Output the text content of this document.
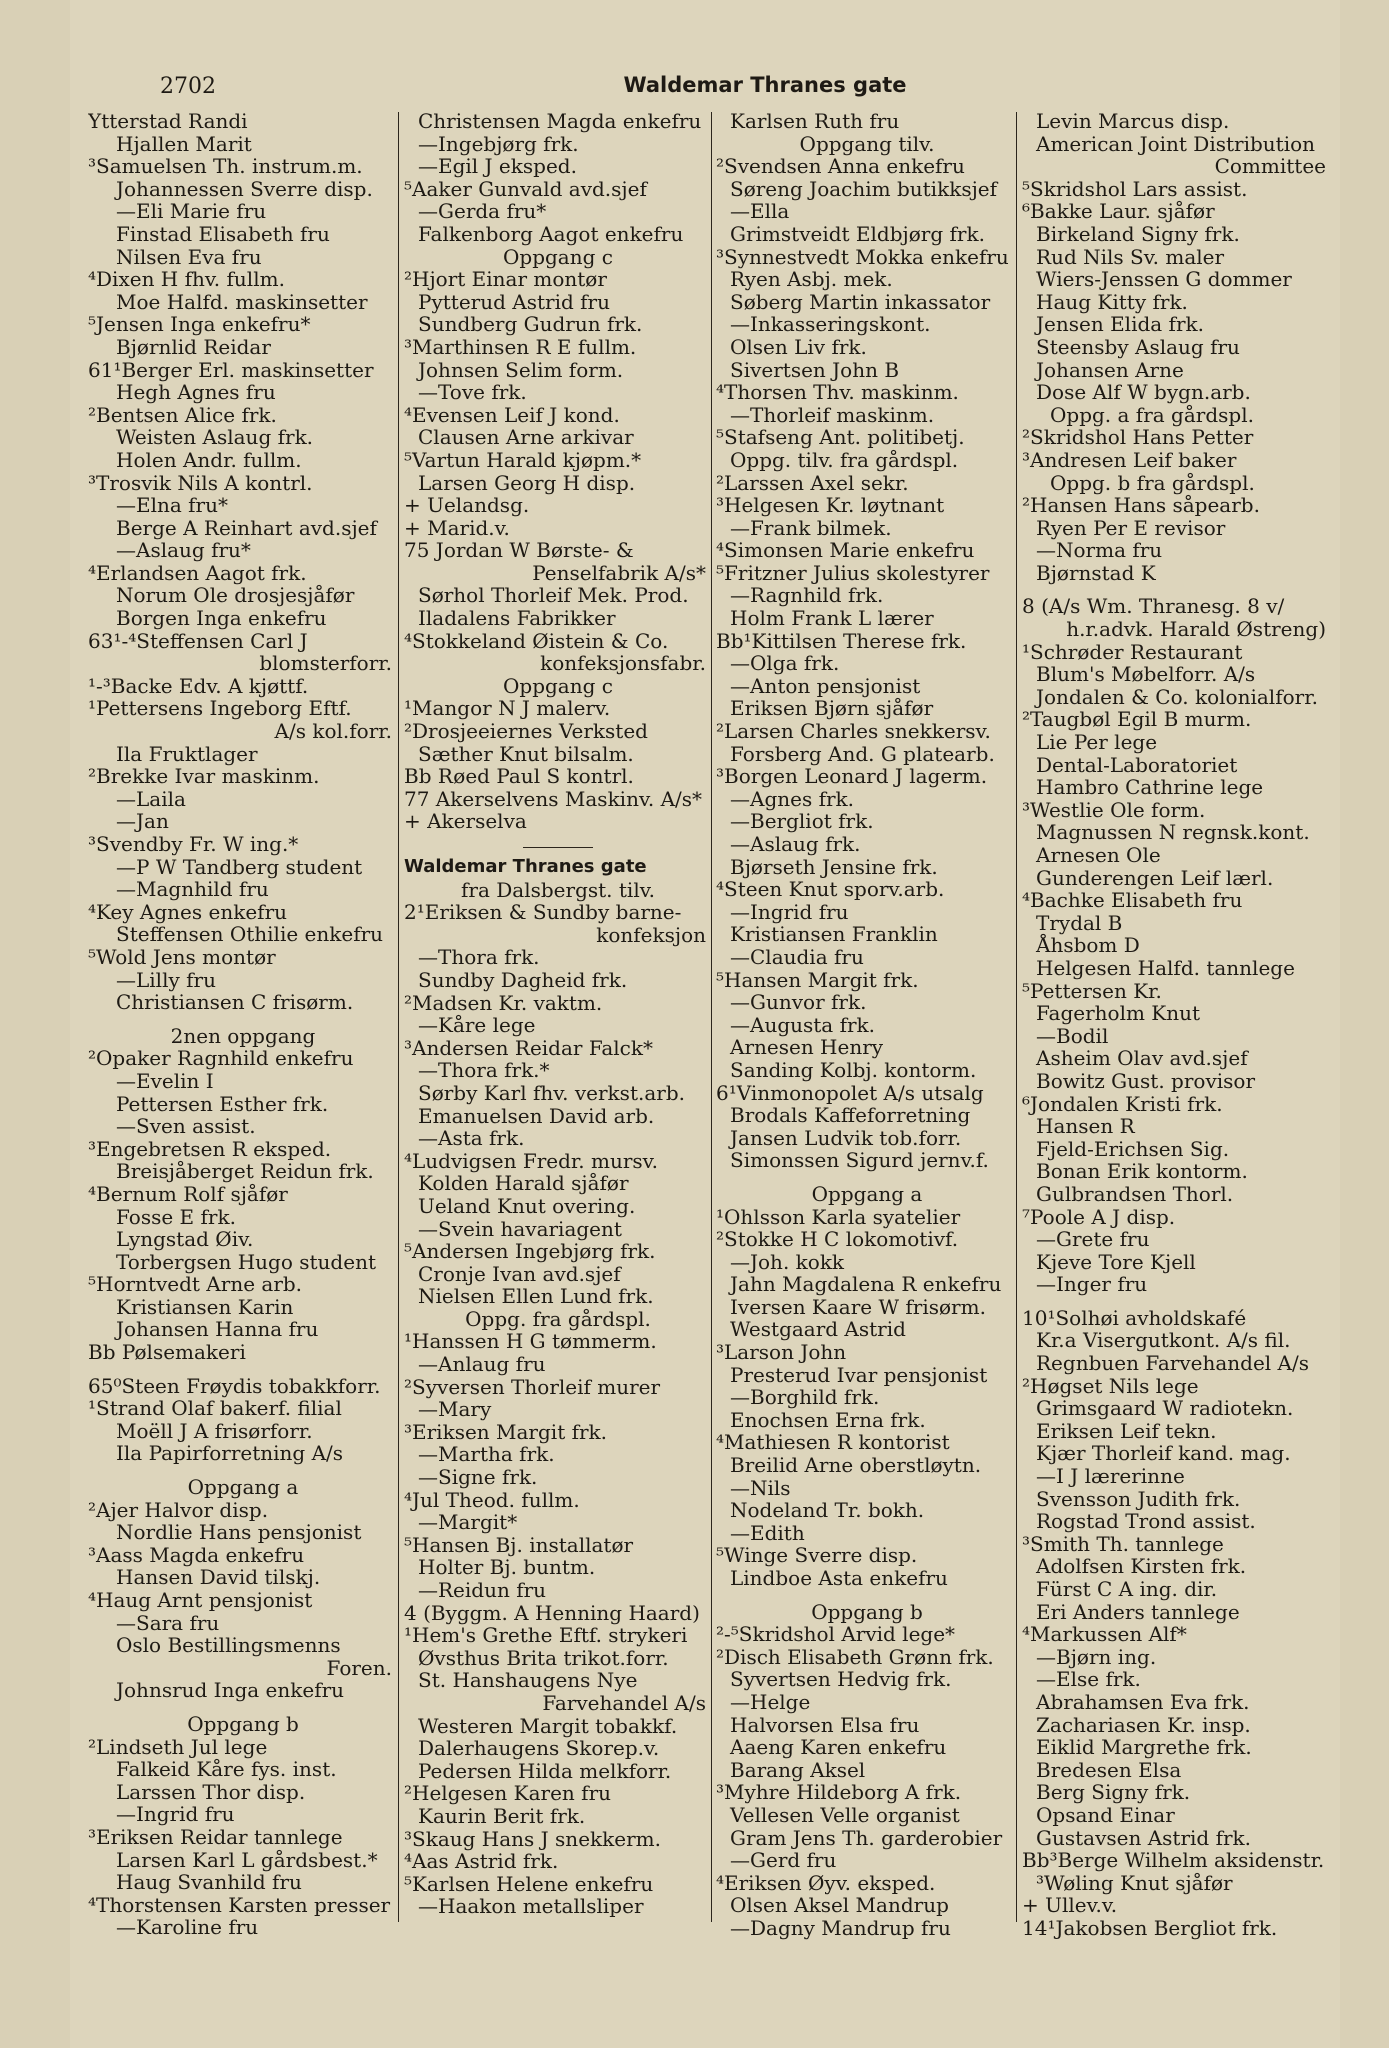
2702	Waldemar Thranes gate
Ytterstad Randi
Hjallen Marit
³Samuelsen Th. instrum.m.
Johannessen Sverre disp.
—Eli Marie fru
Finstad Elisabeth fru
Nilsen Eva fru
⁴Dixen H fhv. fullm.
Moe Halfd. maskinsetter
⁵Jensen Inga enkefru*
Bjørnlid Reidar
61¹Berger Erl. maskinsetter
Hegh Agnes fru
²Bentsen Alice frk.
Weisten Aslaug frk.
Holen Andr. fullm.
³Trosvik Nils A kontrl.
—Elna fru*
Berge A Reinhart avd.sjef
—Aslaug fru*
⁴Erlandsen Aagot frk.
Norum Ole drosjesjåfør
Borgen Inga enkefru
63¹-⁴Steffensen Carl J
blomsterforr.
¹-³Backe Edv. A kjøttf.
¹Pettersens Ingeborg Eftf.
A/s kol.forr.
Ila Fruktlager
²Brekke Ivar maskinm.
—Laila
—Jan
³Svendby Fr. W ing.*
—P W Tandberg student
—Magnhild fru
⁴Key Agnes enkefru
Steffensen Othilie enkefru
⁵Wold Jens montør
—Lilly fru
Christiansen C frisørm.
2nen oppgang
²Opaker Ragnhild enkefru
—Evelin I
Pettersen Esther frk.
—Sven assist.
³Engebretsen R eksped.
Breisjåberget Reidun frk.
⁴Bernum Rolf sjåfør
Fosse E frk.
Lyngstad Øiv.
Torbergsen Hugo student
⁵Horntvedt Arne arb.
Kristiansen Karin
Johansen Hanna fru
Bb Pølsemakeri
65⁰Steen Frøydis tobakkforr.
¹Strand Olaf bakerf. filial
Moëll J A frisørforr.
Ila Papirforretning A/s
Oppgang a
²Ajer Halvor disp.
Nordlie Hans pensjonist
³Aass Magda enkefru
Hansen David tilskj.
⁴Haug Arnt pensjonist
—Sara fru
Oslo Bestillingsmenns
Foren.
Johnsrud Inga enkefru
Oppgang b
²Lindseth Jul lege
Falkeid Kåre fys. inst.
Larssen Thor disp.
—Ingrid fru
³Eriksen Reidar tannlege
Larsen Karl L gårdsbest.*
Haug Svanhild fru
⁴Thorstensen Karsten presser
—Karoline fru
Christensen Magda enkefru
—Ingebjørg frk.
—Egil J eksped.
⁵Aaker Gunvald avd.sjef
—Gerda fru*
Falkenborg Aagot enkefru
Oppgang c
²Hjort Einar montør
Pytterud Astrid fru
Sundberg Gudrun frk.
³Marthinsen R E fullm.
Johnsen Selim form.
—Tove frk.
⁴Evensen Leif J kond.
Clausen Arne arkivar
⁵Vartun Harald kjøpm.*
Larsen Georg H disp.
+ Uelandsg.
+ Marid.v.
75 Jordan W Børste- &
Penselfabrik A/s*
Sørhol Thorleif Mek. Prod.
Iladalens Fabrikker
⁴Stokkeland Øistein & Co.
konfeksjonsfabr.
Oppgang c
¹Mangor N J malerv.
²Drosjeeiernes Verksted
Sæther Knut bilsalm.
Bb Røed Paul S kontrl.
77 Akerselvens Maskinv. A/s*
+ Akerselva
Waldemar Thranes gate
fra Dalsbergst. tilv.
2¹Eriksen & Sundby barne-
konfeksjon
—Thora frk.
Sundby Dagheid frk.
²Madsen Kr. vaktm.
—Kåre lege
³Andersen Reidar Falck*
—Thora frk.*
Sørby Karl fhv. verkst.arb.
Emanuelsen David arb.
—Asta frk.
⁴Ludvigsen Fredr. mursv.
Kolden Harald sjåfør
Ueland Knut overing.
—Svein havariagent
⁵Andersen Ingebjørg frk.
Cronje Ivan avd.sjef
Nielsen Ellen Lund frk.
Oppg. fra gårdspl.
¹Hanssen H G tømmerm.
—Anlaug fru
²Syversen Thorleif murer
—Mary
³Eriksen Margit frk.
—Martha frk.
—Signe frk.
⁴Jul Theod. fullm.
—Margit*
⁵Hansen Bj. installatør
Holter Bj. buntm.
—Reidun fru
4 (Byggm. A Henning Haard)
¹Hem's Grethe Eftf. strykeri
Øvsthus Brita trikot.forr.
St. Hanshaugens Nye
Farvehandel A/s
Westeren Margit tobakkf.
Dalerhaugens Skorep.v.
Pedersen Hilda melkforr.
²Helgesen Karen fru
Kaurin Berit frk.
³Skaug Hans J snekkerm.
⁴Aas Astrid frk.
⁵Karlsen Helene enkefru
—Haakon metallsliper
Karlsen Ruth fru
Oppgang tilv.
²Svendsen Anna enkefru
Søreng Joachim butikksjef
—Ella
Grimstveidt Eldbjørg frk.
³Synnestvedt Mokka enkefru
Ryen Asbj. mek.
Søberg Martin inkassator
—Inkasseringskont.
Olsen Liv frk.
Sivertsen John B
⁴Thorsen Thv. maskinm.
—Thorleif maskinm.
⁵Stafseng Ant. politibetj.
Oppg. tilv. fra gårdspl.
²Larssen Axel sekr.
³Helgesen Kr. løytnant
—Frank bilmek.
⁴Simonsen Marie enkefru
⁵Fritzner Julius skolestyrer
—Ragnhild frk.
Holm Frank L lærer
Bb¹Kittilsen Therese frk.
—Olga frk.
—Anton pensjonist
Eriksen Bjørn sjåfør
²Larsen Charles snekkersv.
Forsberg And. G platearb.
³Borgen Leonard J lagerm.
—Agnes frk.
—Bergliot frk.
—Aslaug frk.
Bjørseth Jensine frk.
⁴Steen Knut sporv.arb.
—Ingrid fru
Kristiansen Franklin
—Claudia fru
⁵Hansen Margit frk.
—Gunvor frk.
—Augusta frk.
Arnesen Henry
Sanding Kolbj. kontorm.
6¹Vinmonopolet A/s utsalg
Brodals Kaffeforretning
Jansen Ludvik tob.forr.
Simonssen Sigurd jernv.f.
Oppgang a
¹Ohlsson Karla syatelier
²Stokke H C lokomotivf.
—Joh. kokk
Jahn Magdalena R enkefru
Iversen Kaare W frisørm.
Westgaard Astrid
³Larson John
Presterud Ivar pensjonist
—Borghild frk.
Enochsen Erna frk.
⁴Mathiesen R kontorist
Breilid Arne oberstløytn.
—Nils
Nodeland Tr. bokh.
—Edith
⁵Winge Sverre disp.
Lindboe Asta enkefru
Oppgang b
²-⁵Skridshol Arvid lege*
²Disch Elisabeth Grønn frk.
Syvertsen Hedvig frk.
—Helge
Halvorsen Elsa fru
Aaeng Karen enkefru
Barang Aksel
³Myhre Hildeborg A frk.
Vellesen Velle organist
Gram Jens Th. garderobier
—Gerd fru
⁴Eriksen Øyv. eksped.
Olsen Aksel Mandrup
—Dagny Mandrup fru
Levin Marcus disp.
American Joint Distribution
Committee
⁵Skridshol Lars assist.
⁶Bakke Laur. sjåfør
Birkeland Signy frk.
Rud Nils Sv. maler
Wiers-Jenssen G dommer
Haug Kitty frk.
Jensen Elida frk.
Steensby Aslaug fru
Johansen Arne
Dose Alf W bygn.arb.
Oppg. a fra gårdspl.
²Skridshol Hans Petter
³Andresen Leif baker
Oppg. b fra gårdspl.
²Hansen Hans såpearb.
Ryen Per E revisor
—Norma fru
Bjørnstad K
8 (A/s Wm. Thranesg. 8 v/
h.r.advk. Harald Østreng)
¹Schrøder Restaurant
Blum's Møbelforr. A/s
Jondalen & Co. kolonialforr.
²Taugbøl Egil B murm.
Lie Per lege
Dental-Laboratoriet
Hambro Cathrine lege
³Westlie Ole form.
Magnussen N regnsk.kont.
Arnesen Ole
Gunderengen Leif lærl.
⁴Bachke Elisabeth fru
Trydal B
Åhsbom D
Helgesen Halfd. tannlege
⁵Pettersen Kr.
Fagerholm Knut
—Bodil
Asheim Olav avd.sjef
Bowitz Gust. provisor
⁶Jondalen Kristi frk.
Hansen R
Fjeld-Erichsen Sig.
Bonan Erik kontorm.
Gulbrandsen Thorl.
⁷Poole A J disp.
—Grete fru
Kjeve Tore Kjell
—Inger fru
10¹Solhøi avholdskafé
Kr.a Visergutkont. A/s fil.
Regnbuen Farvehandel A/s
²Høgset Nils lege
Grimsgaard W radiotekn.
Eriksen Leif tekn.
Kjær Thorleif kand. mag.
—I J lærerinne
Svensson Judith frk.
Rogstad Trond assist.
³Smith Th. tannlege
Adolfsen Kirsten frk.
Fürst C A ing. dir.
Eri Anders tannlege
⁴Markussen Alf*
—Bjørn ing.
—Else frk.
Abrahamsen Eva frk.
Zachariasen Kr. insp.
Eiklid Margrethe frk.
Bredesen Elsa
Berg Signy frk.
Opsand Einar
Gustavsen Astrid frk.
Bb³Berge Wilhelm aksidenstr.
³Wøling Knut sjåfør
+ Ullev.v.
14¹Jakobsen Bergliot frk.
